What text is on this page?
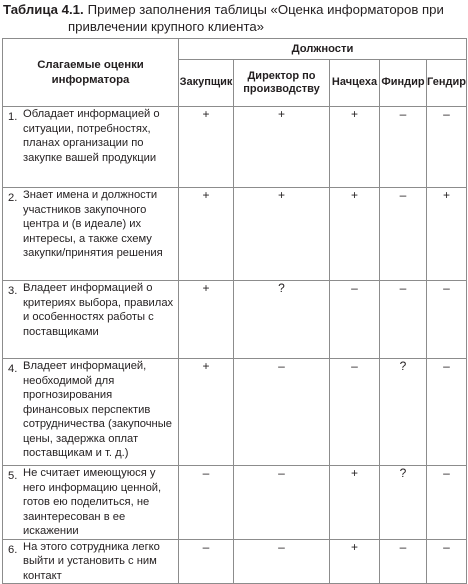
Таблица 4.1. Пример заполнения таблицы «Оценка информаторов при
привлечении крупного клиента»
Слагаемые оценки информатора	Должности				
	Закупщик	Директор по производству	Начцеха	Финдир	Гендир

1. Обладает информацией о ситуации, потребностях, планах организации по закупке вашей продукции	+	+	+	–	–

2. Знает имена и должности участников закупочного центра и (в идеале) их интересы, а также схему закупки/принятия решения	+	+	+	–	+

3. Владеет информацией о критериях выбора, правилах и особенностях работы с поставщиками	+	?	–	–	–

4. Владеет информацией, необходимой для прогнозирования финансовых перспектив сотрудничества (закупочные цены, задержка оплат поставщикам и т. д.)	+	–	–	?	–

5. Не считает имеющуюся у него информацию ценной, готов ею поделиться, не заинтересован в ее искажении	–	–	+	?	–

6. На этого сотрудника легко выйти и установить с ним контакт	–	–	+	–	–
